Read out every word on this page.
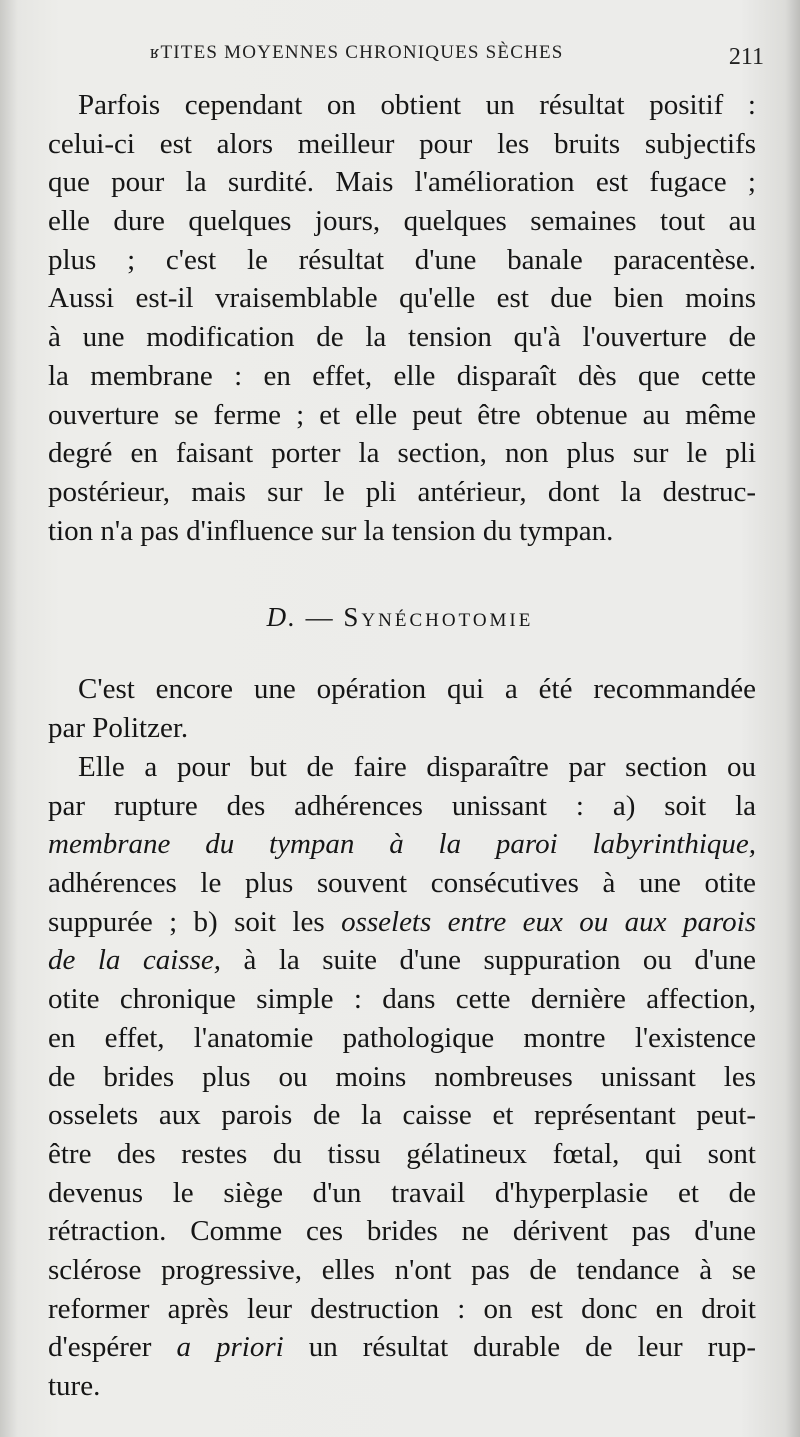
ʁTITES MOYENNES CHRONIQUES SÈCHES	211
Parfois cependant on obtient un résultat positif :
celui-ci est alors meilleur pour les bruits subjectifs
que pour la surdité. Mais l'amélioration est fugace ;
elle dure quelques jours, quelques semaines tout au
plus ; c'est le résultat d'une banale paracentèse.
Aussi est-il vraisemblable qu'elle est due bien moins
à une modification de la tension qu'à l'ouverture de
la membrane : en effet, elle disparaît dès que cette
ouverture se ferme ; et elle peut être obtenue au même
degré en faisant porter la section, non plus sur le pli
postérieur, mais sur le pli antérieur, dont la destruc-
tion n'a pas d'influence sur la tension du tympan.
D. — Synéchotomie
C'est encore une opération qui a été recommandée
par Politzer.
Elle a pour but de faire disparaître par section ou
par rupture des adhérences unissant : a) soit la
membrane du tympan à la paroi labyrinthique,
adhérences le plus souvent consécutives à une otite
suppurée ; b) soit les osselets entre eux ou aux parois
de la caisse, à la suite d'une suppuration ou d'une
otite chronique simple : dans cette dernière affection,
en effet, l'anatomie pathologique montre l'existence
de brides plus ou moins nombreuses unissant les
osselets aux parois de la caisse et représentant peut-
être des restes du tissu gélatineux fœtal, qui sont
devenus le siège d'un travail d'hyperplasie et de
rétraction. Comme ces brides ne dérivent pas d'une
sclérose progressive, elles n'ont pas de tendance à se
reformer après leur destruction : on est donc en droit
d'espérer a priori un résultat durable de leur rup-
ture.
